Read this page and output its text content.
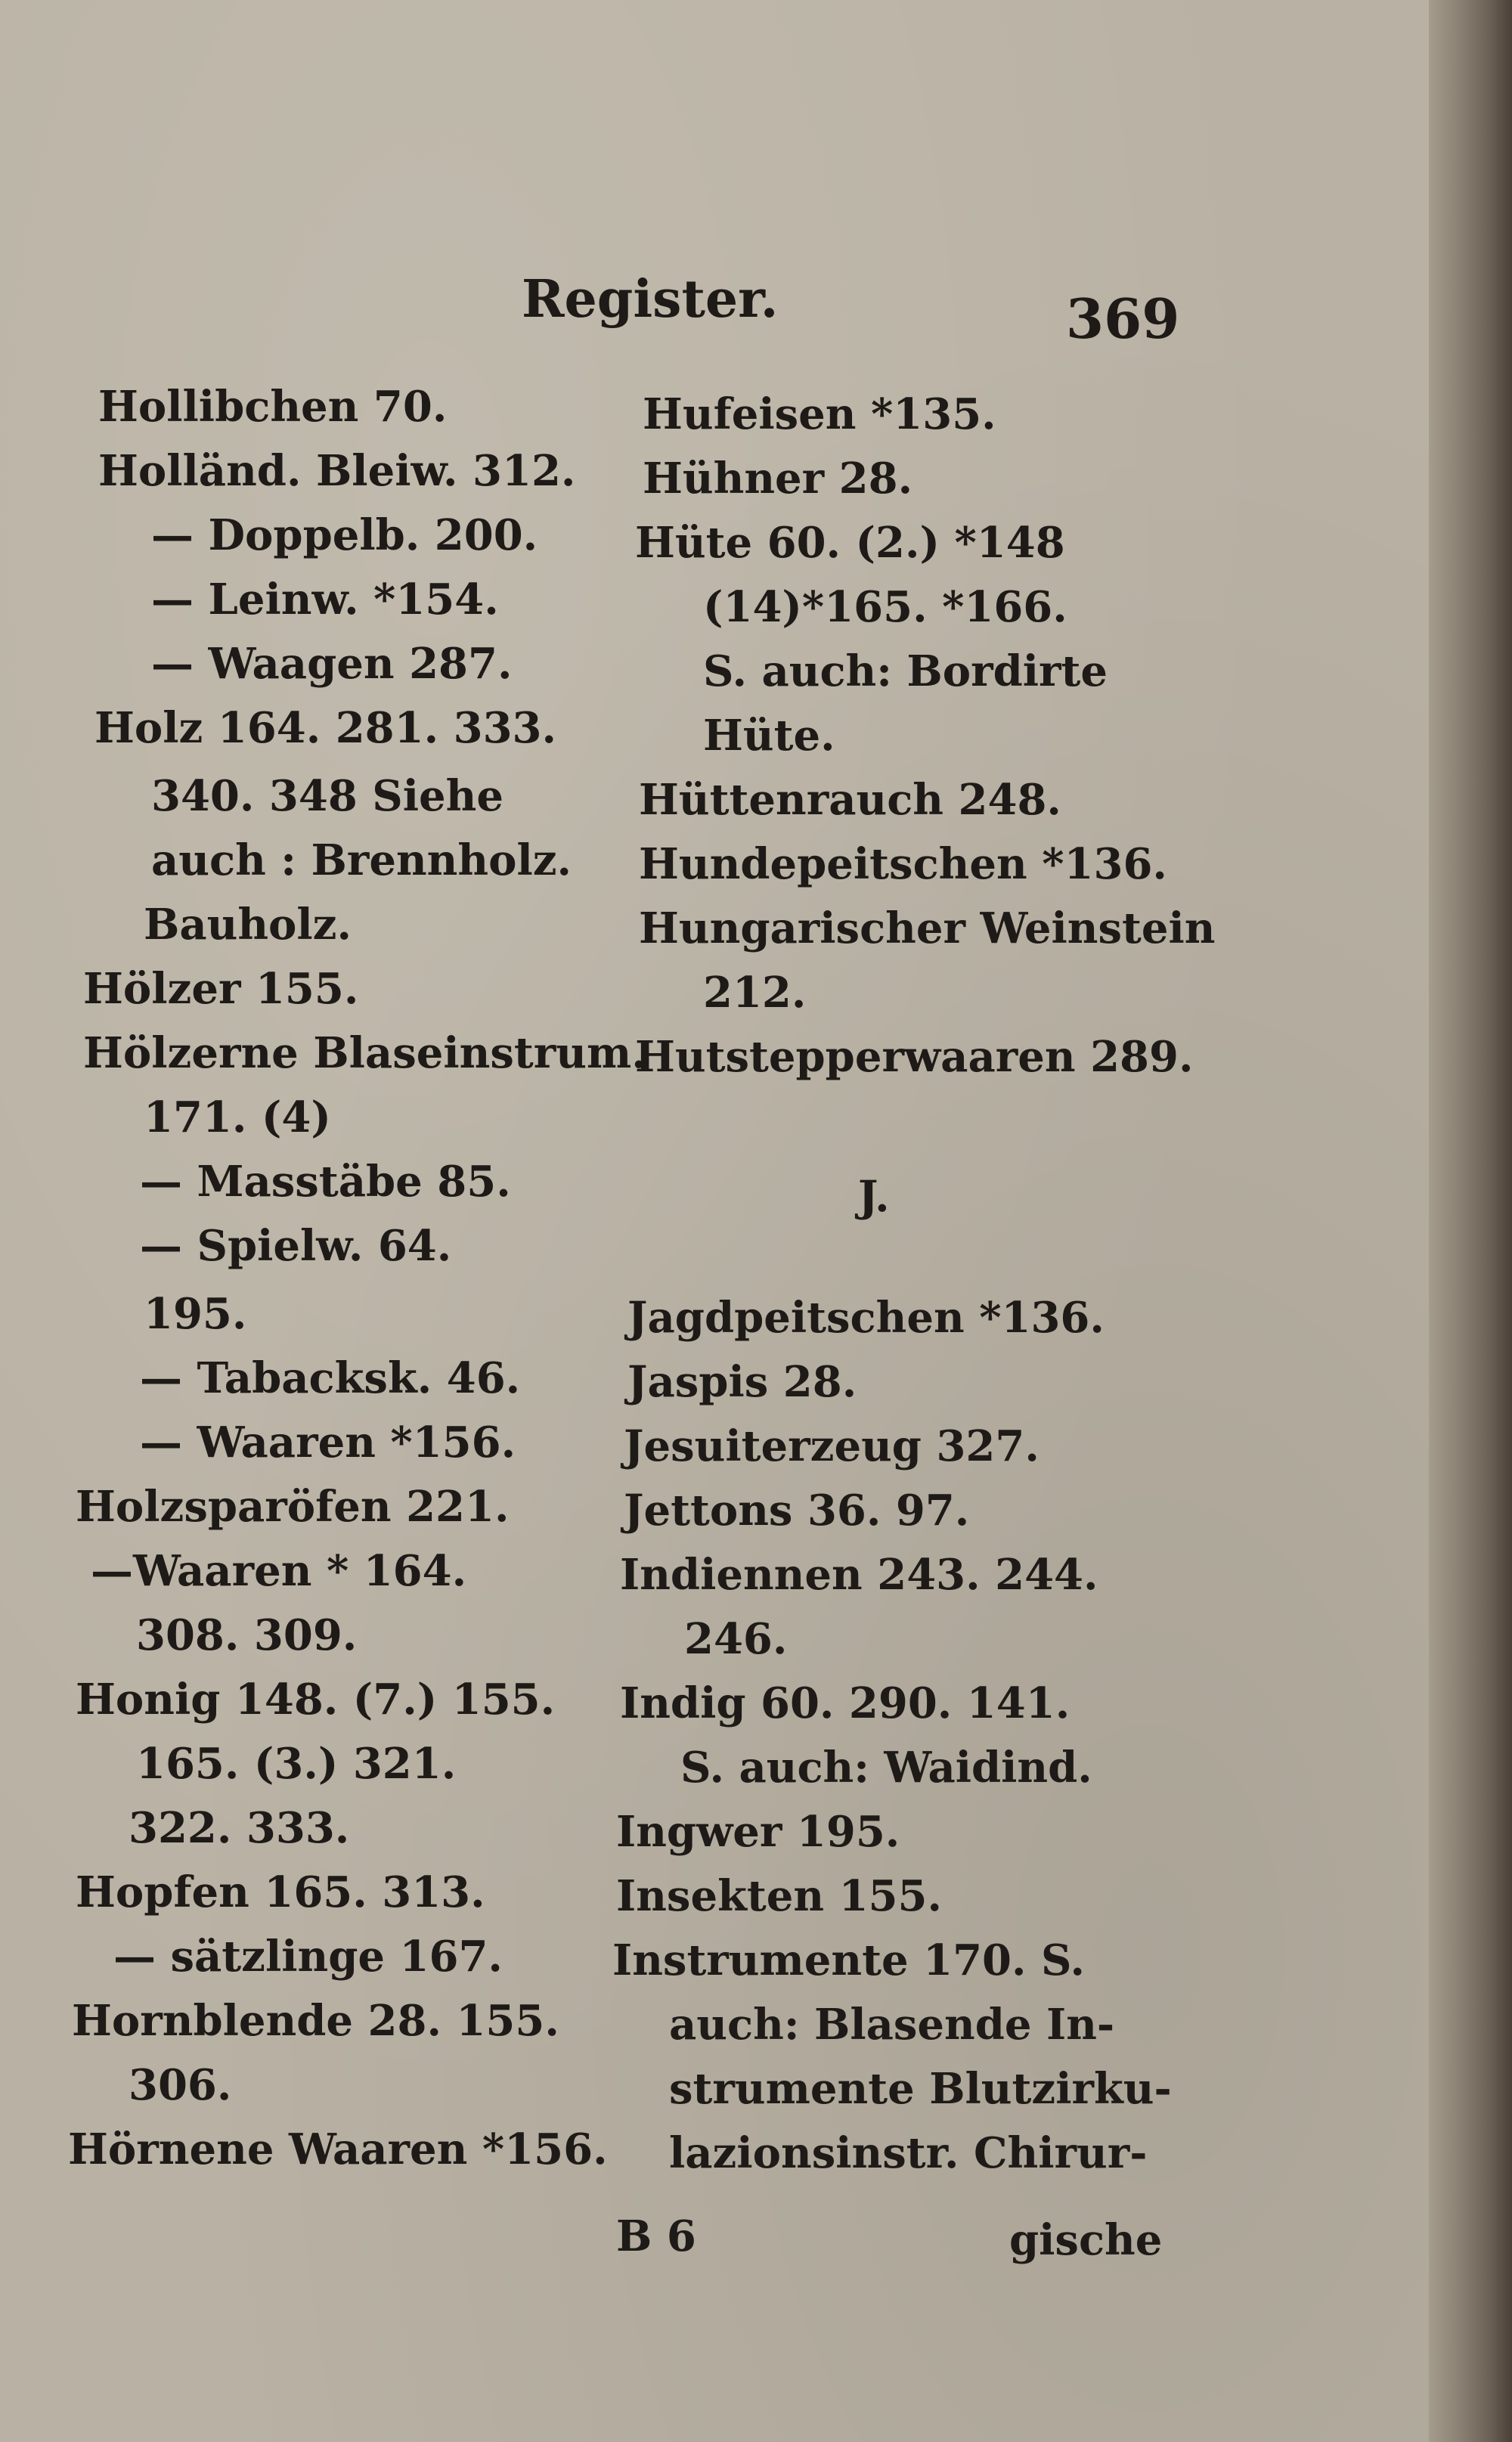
Register.	369
Hollibchen 70.
Holländ. Bleiw. 312.
— Doppelb. 200.
— Leinw. *154.
— Waagen 287.
Holz 164. 281. 333.
340. 348 Siehe
auch : Brennholz.
Bauholz.
Hölzer 155.
Hölzerne Blaseinstrum.
171. (4)
— Masstäbe 85.
— Spielw. 64.
195.
— Tabacksk. 46.
— Waaren *156.
Holzsparöfen 221.
—Waaren * 164.
308. 309.
Honig 148. (7.) 155.
165. (3.) 321.
322. 333.
Hopfen 165. 313.
— sätzlinge 167.
Hornblende 28. 155.
306.
Hörnene Waaren *156.
Hufeisen *135.
Hühner 28.
Hüte 60. (2.) *148
(14)*165. *166.
S. auch: Bordirte
Hüte.
Hüttenrauch 248.
Hundepeitschen *136.
Hungarischer Weinstein
212.
Hutstepperwaaren 289.
J.
Jagdpeitschen *136.
Jaspis 28.
Jesuiterzeug 327.
Jettons 36. 97.
Indiennen 243. 244.
246.
Indig 60. 290. 141.
S. auch: Waidind.
Ingwer 195.
Insekten 155.
Instrumente 170. S.
auch: Blasende In-
strumente Blutzirku-
lazionsinstr. Chirur-
B 6	gische
